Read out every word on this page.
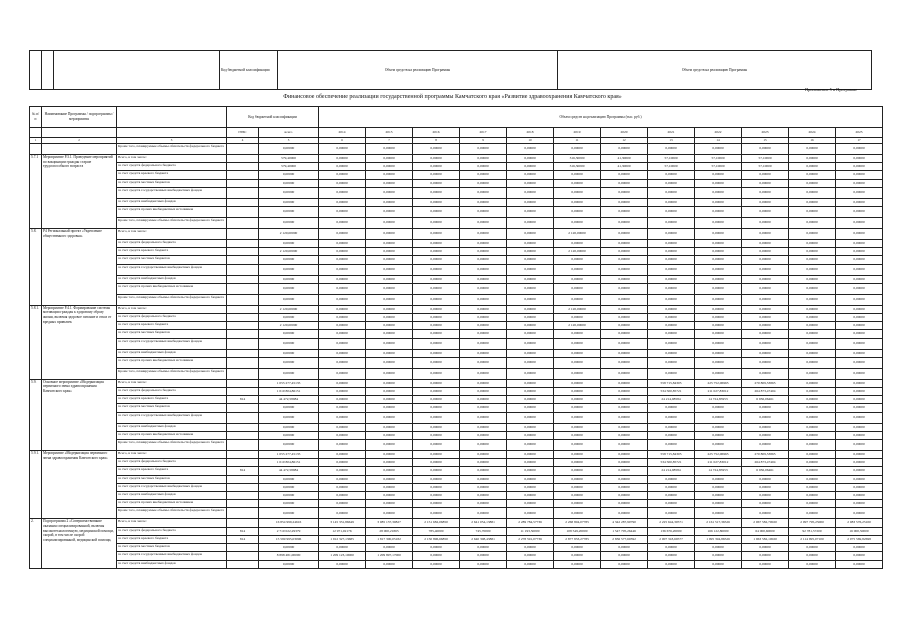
			Код бюджетной классификации	Объем средств на реализацию Программы	Объем средств на реализацию Программы
Приложение 5 к Программе
Финансовое обеспечение реализации государственной программы Камчатского края «Развитие здравоохранения Камчатского края»
№ п/п	Наименование Программы / подпрограммы / мероприятия		Код бюджетной классификации		Объем средств на реализацию Программы (тыс. руб.)											
			ГРБС	всего	2014	2015	2016	2017	2018	2019	2020	2021	2022	2023	2024	2025
1	2	3	4	5	6	7	8	9	10	11	12	13	14	15	16	17
		Кроме того, планируемые объемы обязательств федерального бюджета		0,00000	0,00000	0,00000	0,00000	0,00000	0,00000	0,00000	0,00000	0,00000	0,00000	0,00000	0,00000	0,00000
5.7.1	Мероприятие Р.3.1. Проведение мероприятий по вакцинации граждан старше трудоспособного возраста	Всего, в том числе:		579,40000	0,00000	0,00000	0,00000	0,00000	0,00000	316,30000	41,30000	57,10000	57,10000	57,10000	0,00000	0,00000
		за счет средств федерального бюджета		579,40000	0,00000	0,00000	0,00000	0,00000	0,00000	316,30000	41,30000	57,10000	57,10000	57,10000	0,00000	0,00000
		за счет средств краевого бюджета		0,00000	0,00000	0,00000	0,00000	0,00000	0,00000	0,00000	0,00000	0,00000	0,00000	0,00000	0,00000	0,00000
		за счет средств местных бюджетов		0,00000	0,00000	0,00000	0,00000	0,00000	0,00000	0,00000	0,00000	0,00000	0,00000	0,00000	0,00000	0,00000
		за счет средств государственных внебюджетных фондов		0,00000	0,00000	0,00000	0,00000	0,00000	0,00000	0,00000	0,00000	0,00000	0,00000	0,00000	0,00000	0,00000
		за счет средств внебюджетных фондов		0,00000	0,00000	0,00000	0,00000	0,00000	0,00000	0,00000	0,00000	0,00000	0,00000	0,00000	0,00000	0,00000
		за счет средств прочих внебюджетных источников		0,00000	0,00000	0,00000	0,00000	0,00000	0,00000	0,00000	0,00000	0,00000	0,00000	0,00000	0,00000	0,00000
		Кроме того, планируемые объемы обязательств федерального бюджета		0,00000	0,00000	0,00000	0,00000	0,00000	0,00000	0,00000	0,00000	0,00000	0,00000	0,00000	0,00000	0,00000
5.8.	Р4 Региональный проект «Укрепление общественного здоровья»	Всего, в том числе:		2 120,00000	0,00000	0,00000	0,00000	0,00000	0,00000	2 120,00000	0,00000	0,00000	0,00000	0,00000	0,00000	0,00000
		за счет средств федерального бюджета		0,00000	0,00000	0,00000	0,00000	0,00000	0,00000	0,00000	0,00000	0,00000	0,00000	0,00000	0,00000	0,00000
		за счет средств краевого бюджета		2 120,00000	0,00000	0,00000	0,00000	0,00000	0,00000	2 120,00000	0,00000	0,00000	0,00000	0,00000	0,00000	0,00000
		за счет средств местных бюджетов		0,00000	0,00000	0,00000	0,00000	0,00000	0,00000	0,00000	0,00000	0,00000	0,00000	0,00000	0,00000	0,00000
		за счет средств государственных внебюджетных фондов		0,00000	0,00000	0,00000	0,00000	0,00000	0,00000	0,00000	0,00000	0,00000	0,00000	0,00000	0,00000	0,00000
		за счет средств внебюджетных фондов		0,00000	0,00000	0,00000	0,00000	0,00000	0,00000	0,00000	0,00000	0,00000	0,00000	0,00000	0,00000	0,00000
		за счет средств прочих внебюджетных источников		0,00000	0,00000	0,00000	0,00000	0,00000	0,00000	0,00000	0,00000	0,00000	0,00000	0,00000	0,00000	0,00000
		Кроме того, планируемые объемы обязательств федерального бюджета		0,00000	0,00000	0,00000	0,00000	0,00000	0,00000	0,00000	0,00000	0,00000	0,00000	0,00000	0,00000	0,00000
5.8.1.	Мероприятие Р.4.1. Формирование системы мотивации граждан к здоровому образу жизни, включая здоровое питание и отказ от вредных привычек	Всего, в том числе:		2 120,00000	0,00000	0,00000	0,00000	0,00000	0,00000	2 120,00000	0,00000	0,00000	0,00000	0,00000	0,00000	0,00000
		за счет средств федерального бюджета		0,00000	0,00000	0,00000	0,00000	0,00000	0,00000	0,00000	0,00000	0,00000	0,00000	0,00000	0,00000	0,00000
		за счет средств краевого бюджета		2 120,00000	0,00000	0,00000	0,00000	0,00000	0,00000	2 120,00000	0,00000	0,00000	0,00000	0,00000	0,00000	0,00000
		за счет средств местных бюджетов		0,00000	0,00000	0,00000	0,00000	0,00000	0,00000	0,00000	0,00000	0,00000	0,00000	0,00000	0,00000	0,00000
		за счет средств государственных внебюджетных фондов		0,00000	0,00000	0,00000	0,00000	0,00000	0,00000	0,00000	0,00000	0,00000	0,00000	0,00000	0,00000	0,00000
		за счет средств внебюджетных фондов		0,00000	0,00000	0,00000	0,00000	0,00000	0,00000	0,00000	0,00000	0,00000	0,00000	0,00000	0,00000	0,00000
		за счет средств прочих внебюджетных источников		0,00000	0,00000	0,00000	0,00000	0,00000	0,00000	0,00000	0,00000	0,00000	0,00000	0,00000	0,00000	0,00000
		Кроме того, планируемые объемы обязательств федерального бюджета		0,00000	0,00000	0,00000	0,00000	0,00000	0,00000	0,00000	0,00000	0,00000	0,00000	0,00000	0,00000	0,00000
5.9.	Основное мероприятие «Модернизация первичного звена здравоохранения Камчатского края»	Всего, в том числе:		1 055 277,45135	0,00000	0,00000	0,00000	0,00000	0,00000	0,00000	0,00000	558 715,84305	225 752,06965	270 809,53865	0,00000	0,00000
		за счет средств федерального бюджета		1 010 804,86151	0,00000	0,00000	0,00000	0,00000	0,00000	0,00000	0,00000	534 500,85721	211 027,83012	264 873,47404	0,00000	0,00000
		за счет средств краевого бюджета	814	44 472,58984	0,00000	0,00000	0,00000	0,00000	0,00000	0,00000	0,00000	24 214,98584	14 724,85953	6 936,06461	0,00000	0,00000
		за счет средств местных бюджетов		0,00000	0,00000	0,00000	0,00000	0,00000	0,00000	0,00000	0,00000	0,00000	0,00000	0,00000	0,00000	0,00000
		за счет средств государственных внебюджетных фондов		0,00000	0,00000	0,00000	0,00000	0,00000	0,00000	0,00000	0,00000	0,00000	0,00000	0,00000	0,00000	0,00000
		за счет средств внебюджетных фондов		0,00000	0,00000	0,00000	0,00000	0,00000	0,00000	0,00000	0,00000	0,00000	0,00000	0,00000	0,00000	0,00000
		за счет средств прочих внебюджетных источников		0,00000	0,00000	0,00000	0,00000	0,00000	0,00000	0,00000	0,00000	0,00000	0,00000	0,00000	0,00000	0,00000
		Кроме того, планируемые объемы обязательств федерального бюджета		0,00000	0,00000	0,00000	0,00000	0,00000	0,00000	0,00000	0,00000	0,00000	0,00000	0,00000	0,00000	0,00000
5.9.1.	Мероприятие «Модернизация первичного звена здравоохранения Камчатского края»	Всего, в том числе:		1 055 277,45135	0,00000	0,00000	0,00000	0,00000	0,00000	0,00000	0,00000	558 715,84305	225 752,06965	270 809,53865	0,00000	0,00000
		за счет средств федерального бюджета		1 010 804,86151	0,00000	0,00000	0,00000	0,00000	0,00000	0,00000	0,00000	534 500,85721	211 027,83012	264 873,47404	0,00000	0,00000
		за счет средств краевого бюджета	814	44 472,58984	0,00000	0,00000	0,00000	0,00000	0,00000	0,00000	0,00000	24 214,98584	14 724,85953	6 936,06461	0,00000	0,00000
		за счет средств местных бюджетов		0,00000	0,00000	0,00000	0,00000	0,00000	0,00000	0,00000	0,00000	0,00000	0,00000	0,00000	0,00000	0,00000
		за счет средств государственных внебюджетных фондов		0,00000	0,00000	0,00000	0,00000	0,00000	0,00000	0,00000	0,00000	0,00000	0,00000	0,00000	0,00000	0,00000
		за счет средств внебюджетных фондов		0,00000	0,00000	0,00000	0,00000	0,00000	0,00000	0,00000	0,00000	0,00000	0,00000	0,00000	0,00000	0,00000
		за счет средств прочих внебюджетных источников		0,00000	0,00000	0,00000	0,00000	0,00000	0,00000	0,00000	0,00000	0,00000	0,00000	0,00000	0,00000	0,00000
		Кроме того, планируемые объемы обязательств федерального бюджета		0,00000	0,00000	0,00000	0,00000	0,00000	0,00000	0,00000	0,00000	0,00000	0,00000	0,00000	0,00000	0,00000
2.	Подпрограмма 2 «Совершенствование оказания специализированной, включая высокотехнологичную, медицинской помощи, скорой, в том числе скорой специализированной, медицинской помощи,	Всего, в том числе:		16 854 999,24616	3 145 331,86649	3 085 137,30827	2 151 682,06850	2 641 054,13881	2 289 784,57736	2 268 804,07785	4 342 287,90790	2 225 644,30571	2 161 517,36526	2 067 582,70020	2 097 795,25000	2 083 576,25100
		за счет средств федерального бюджета	814	2 710 022,29379	12 971,02176	28 000,21865	785,40000	745,70000	11 193,50000	108 549,20000	1 547 705,26446	136 676,20000	166 122,80000	64 000,60000	92 781,57200	16 000,50000
		за счет средств краевого бюджета	814	15 599 995,03096	1 912 327,13685	1 817 300,05182	2 150 896,66850	2 640 308,43881	2 278 591,07736	2 877 833,27785	2 836 577,60392	2 007 318,69577	1 995 394,86526	1 963 582,10020	2 114 995,07100	2 075 569,82698
		за счет средств местных бюджетов		0,00000	0,00000	0,00000	0,00000	0,00000	0,00000	0,00000	0,00000	0,00000	0,00000	0,00000	0,00000	0,00000
		за счет средств государственных внебюджетных фондов		8 898 481,00000	1 209 123,10000	1 209 897,17000	0,00000	0,00000	0,00000	0,00000	0,00000	0,00000	0,00000	0,00000	0,00000	0,00000
		за счет средств внебюджетных фондов		0,00000	0,00000	0,00000	0,00000	0,00000	0,00000	0,00000	0,00000	0,00000	0,00000	0,00000	0,00000	0,00000
